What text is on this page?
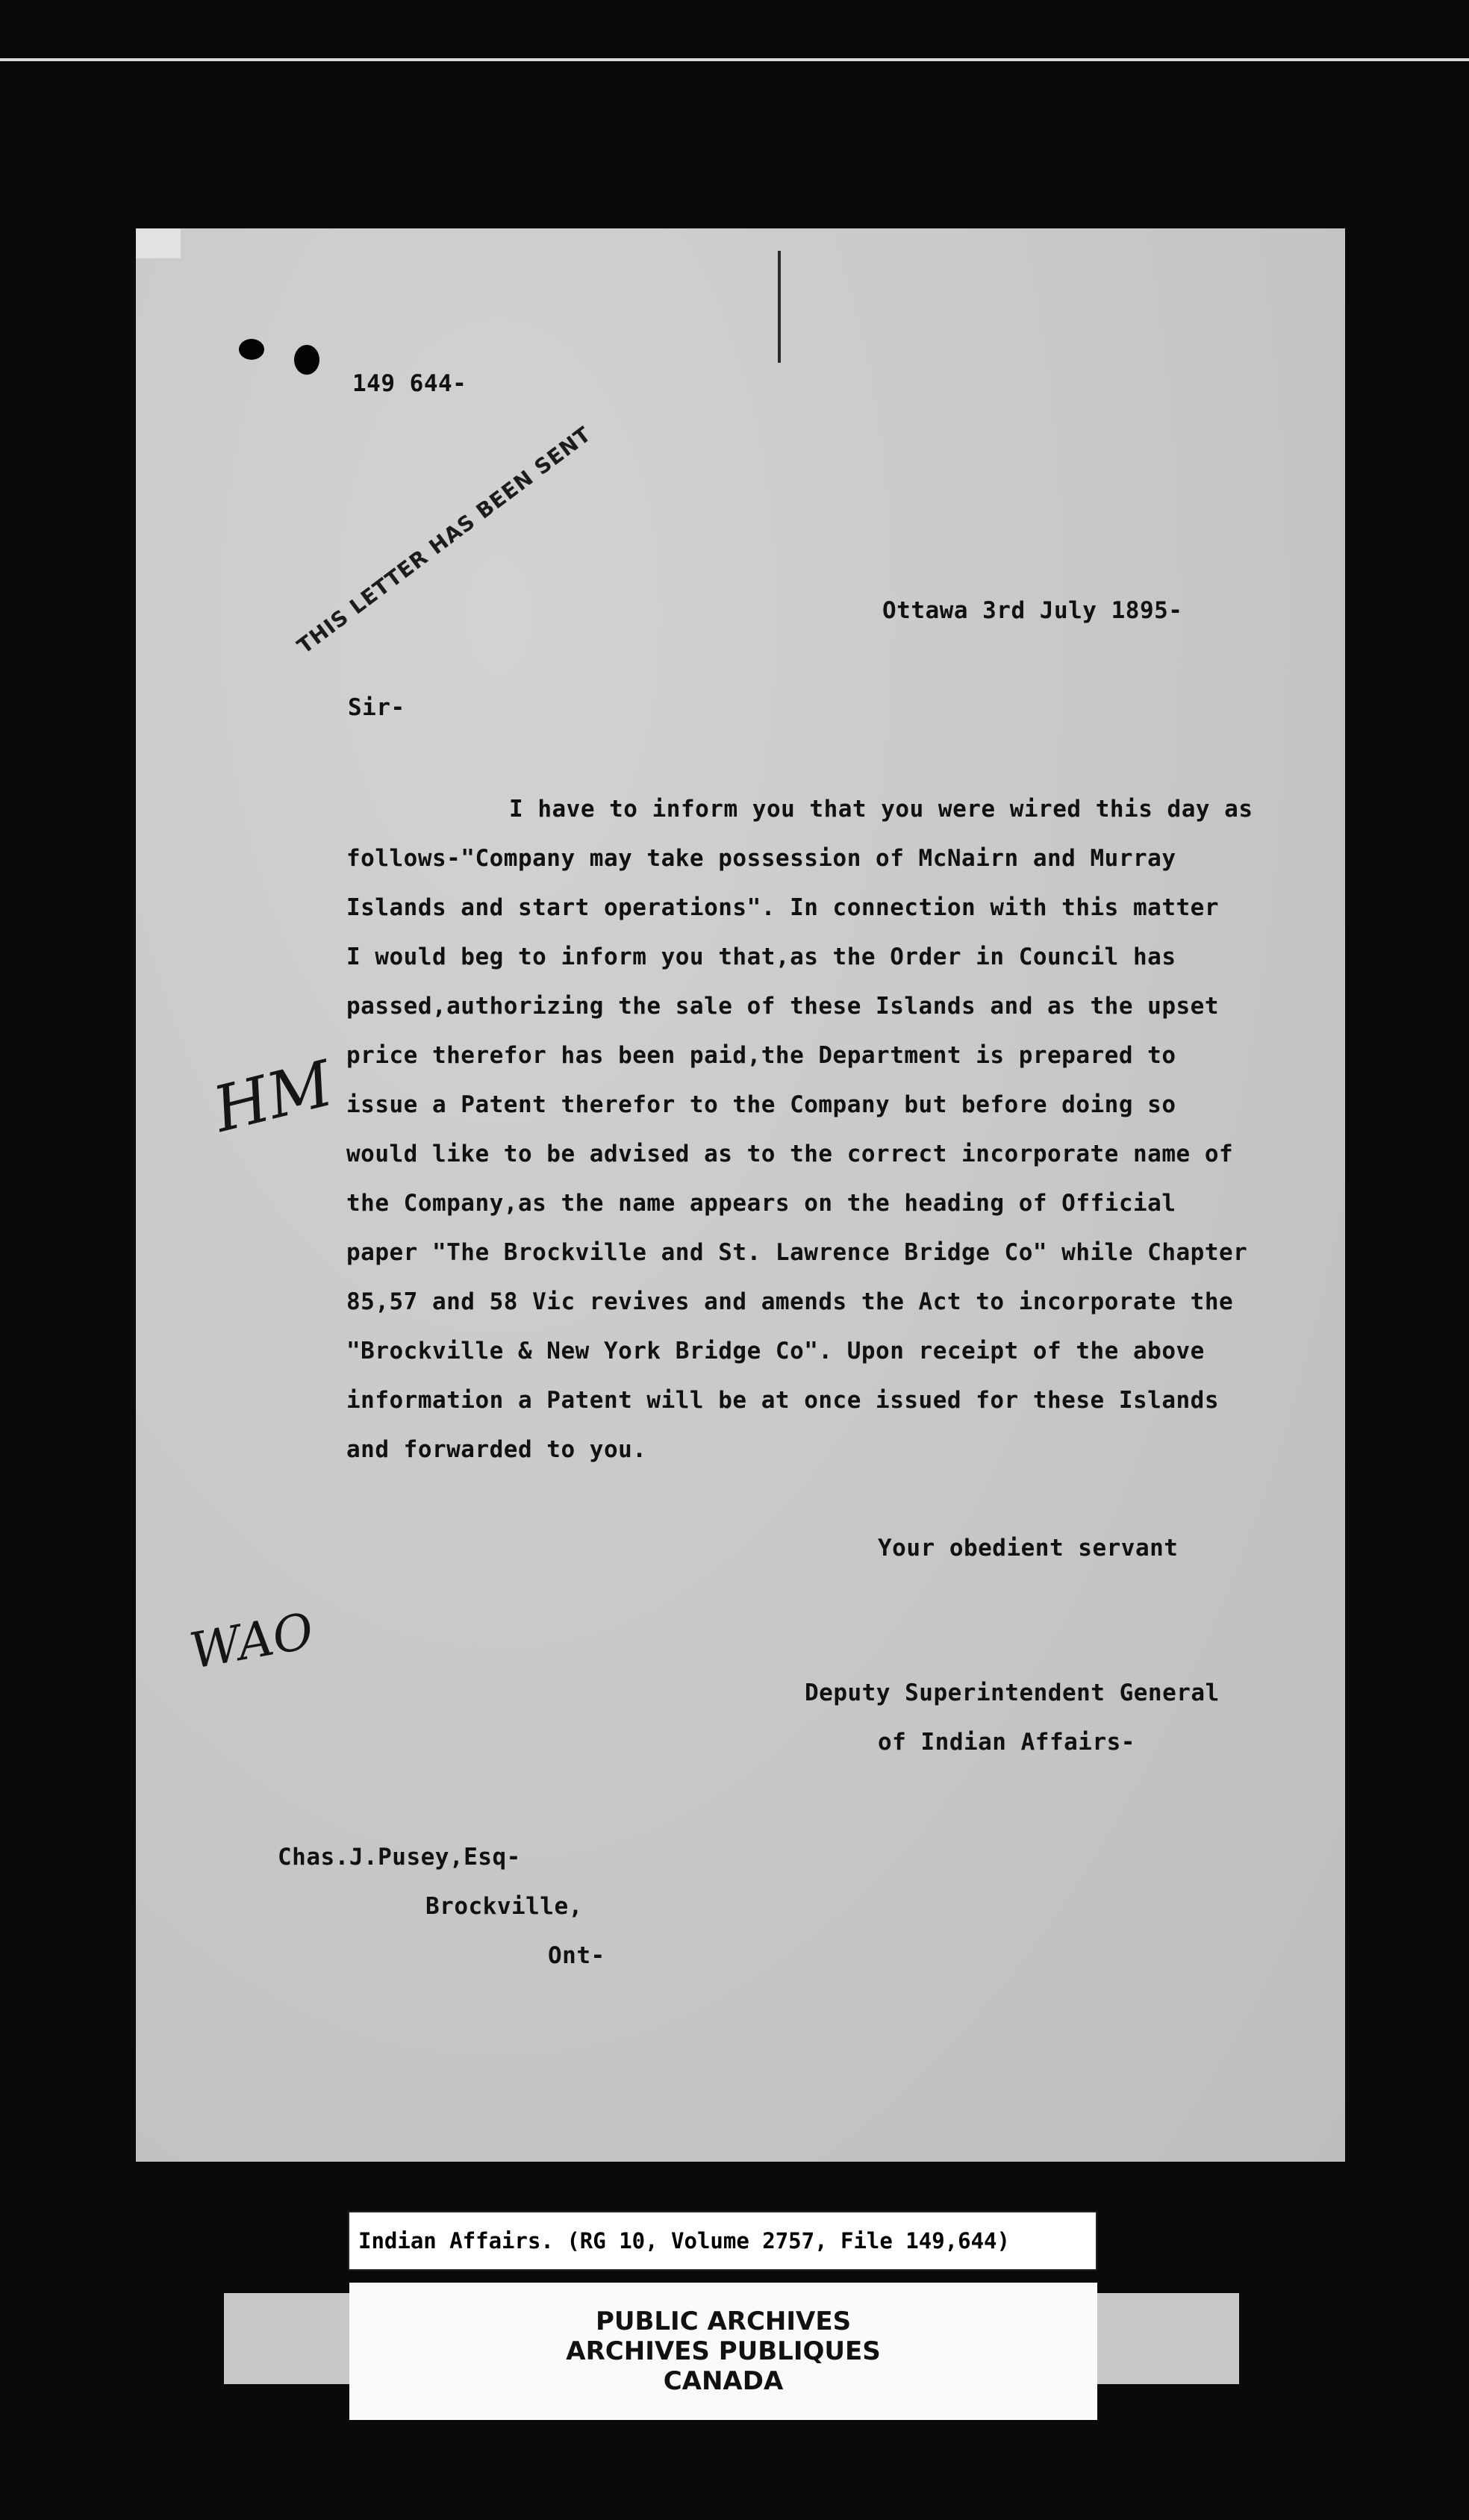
149 644-
THIS LETTER HAS BEEN SENT	Ottawa 3rd July 1895-
Sir-
I have to inform you that you were wired this day as
follows-"Company may take possession of McNairn and Murray
Islands and start operations". In connection with this matter
I would beg to inform you that,as the Order in Council has
passed,authorizing the sale of these Islands and as the upset
price therefor has been paid,the Department is prepared to
issue a Patent therefor to the Company but before doing so
would like to be advised as to the correct incorporate name of
the Company,as the name appears on the heading of Official
paper "The Brockville and St. Lawrence Bridge Co" while Chapter
85,57 and 58 Vic revives and amends the Act to incorporate the
"Brockville & New York Bridge Co". Upon receipt of the above
information a Patent will be at once issued for these Islands
and forwarded to you.
HM
Your obedient servant
WAO
Deputy Superintendent General
of Indian Affairs-
Chas.J.Pusey,Esq-
Brockville,
Ont-
Indian Affairs. (RG 10, Volume 2757, File 149,644)
PUBLIC ARCHIVES
ARCHIVES PUBLIQUES
CANADA
